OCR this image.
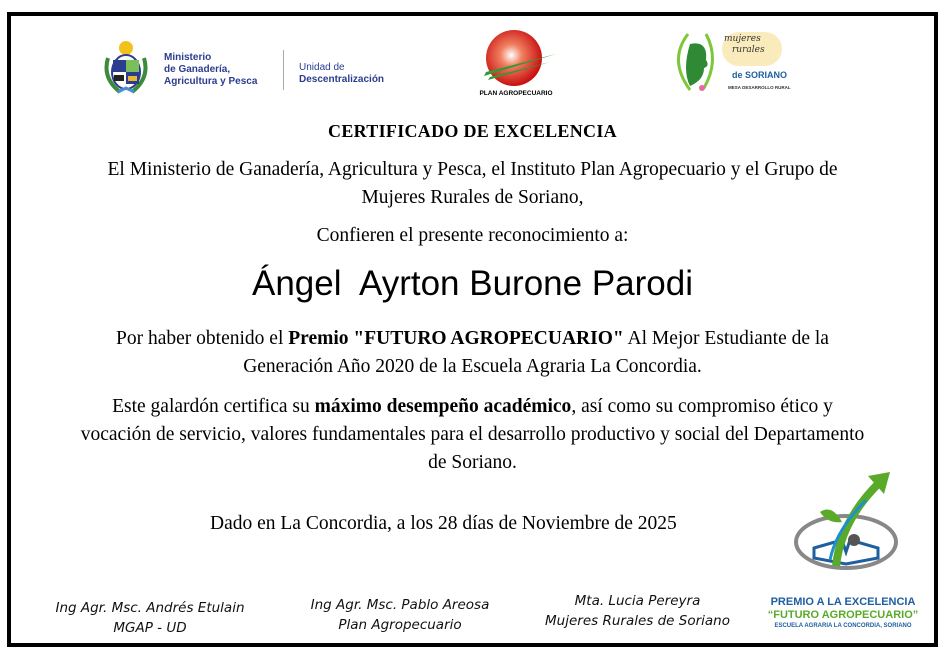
Ministerio
de Ganadería,
Agricultura y Pesca
Unidad de
Descentralización
PLAN AGROPECUARIO
mujeres
rurales
de SORIANO
MESA DESARROLLO RURAL
CERTIFICADO DE EXCELENCIA
El Ministerio de Ganadería, Agricultura y Pesca, el Instituto Plan Agropecuario y el Grupo de
Mujeres Rurales de Soriano,
Confieren el presente reconocimiento a:
Ángel  Ayrton Burone Parodi
Por haber obtenido el Premio "FUTURO AGROPECUARIO" Al Mejor Estudiante de la
Generación Año 2020 de la Escuela Agraria La Concordia.
Este galardón certifica su máximo desempeño académico, así como su compromiso ético y
vocación de servicio, valores fundamentales para el desarrollo productivo y social del Departamento
de Soriano.
Dado en La Concordia, a los 28 días de Noviembre de 2025
Ing Agr. Msc. Andrés Etulain
MGAP - UD
Ing Agr. Msc. Pablo Areosa
Plan Agropecuario
Mta. Lucia Pereyra
Mujeres Rurales de Soriano
PREMIO A LA EXCELENCIA
“FUTURO AGROPECUARIO”
ESCUELA AGRARIA LA CONCORDIA, SORIANO
